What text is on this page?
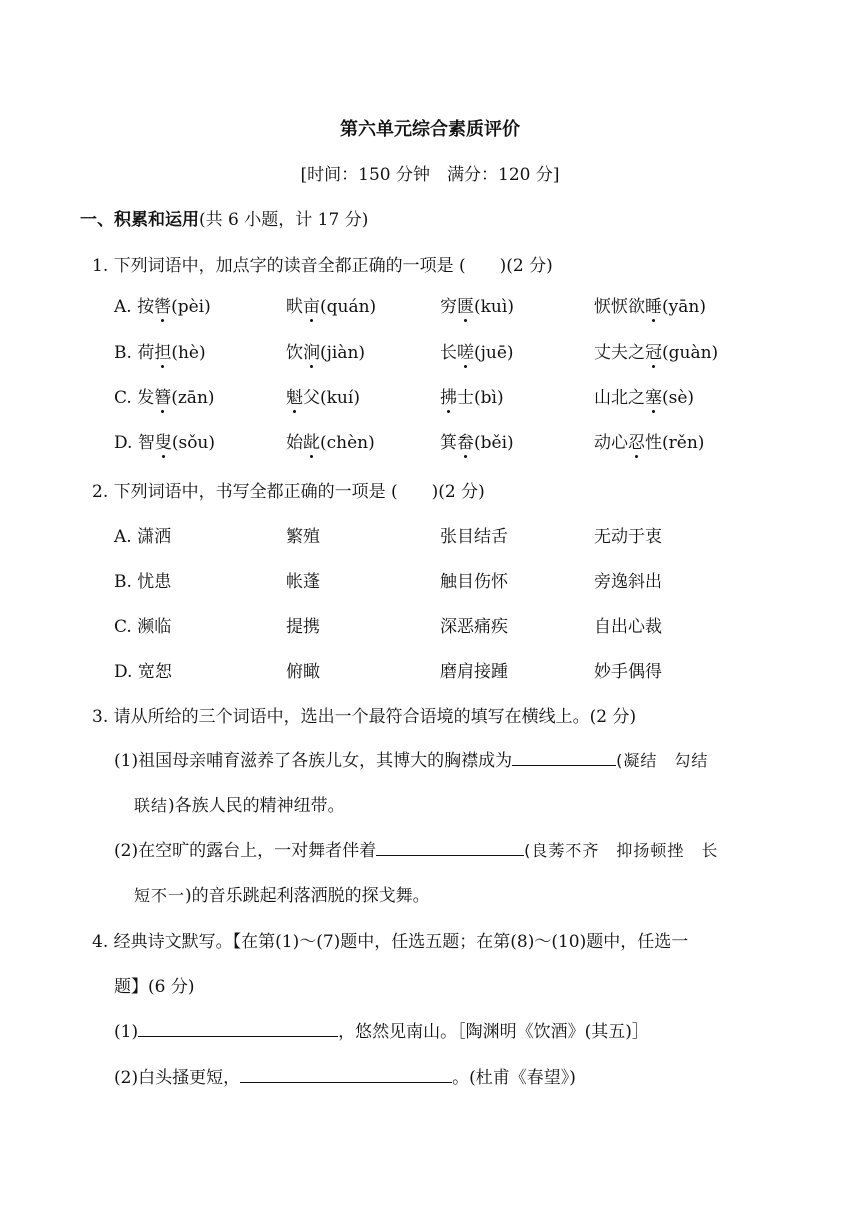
第六单元综合素质评价
[时间：150 分钟　满分：120 分]
一、积累和运用(共 6 小题，计 17 分)
1. 下列词语中，加点字的读音全都正确的一项是 (　　)(2 分)
A. 按辔(pèi)	畎亩(quán)	穷匮(kuì)	恹恹欲睡(yān)
B. 荷担(hè)	饮涧(jiàn)	长嗟(juē)	丈夫之冠(guàn)
C. 发簪(zān)	魁父(kuí)	拂士(bì)	山北之塞(sè)
D. 智叟(sǒu)	始龀(chèn)	箕畚(běi)	动心忍性(rěn)
2. 下列词语中，书写全都正确的一项是 (　　)(2 分)
A. 潇洒	繁殖	张目结舌	无动于衷
B. 忧患	帐蓬	触目伤怀	旁逸斜出
C. 濒临	提携	深恶痛疾	自出心裁
D. 宽恕	俯瞰	磨肩接踵	妙手偶得
3. 请从所给的三个词语中，选出一个最符合语境的填写在横线上。(2 分)
(1)祖国母亲哺育滋养了各族儿女，其博大的胸襟成为	(凝结　勾结
联结)各族人民的精神纽带。
(2)在空旷的露台上，一对舞者伴着	(良莠不齐　抑扬顿挫　长
短不一)的音乐跳起利落洒脱的探戈舞。
4. 经典诗文默写。【在第(1)～(7)题中，任选五题；在第(8)～(10)题中，任选一
题】(6 分)
(1)	，悠然见南山。［陶渊明《饮酒》(其五)］
(2)白头搔更短，	。(杜甫《春望》)
